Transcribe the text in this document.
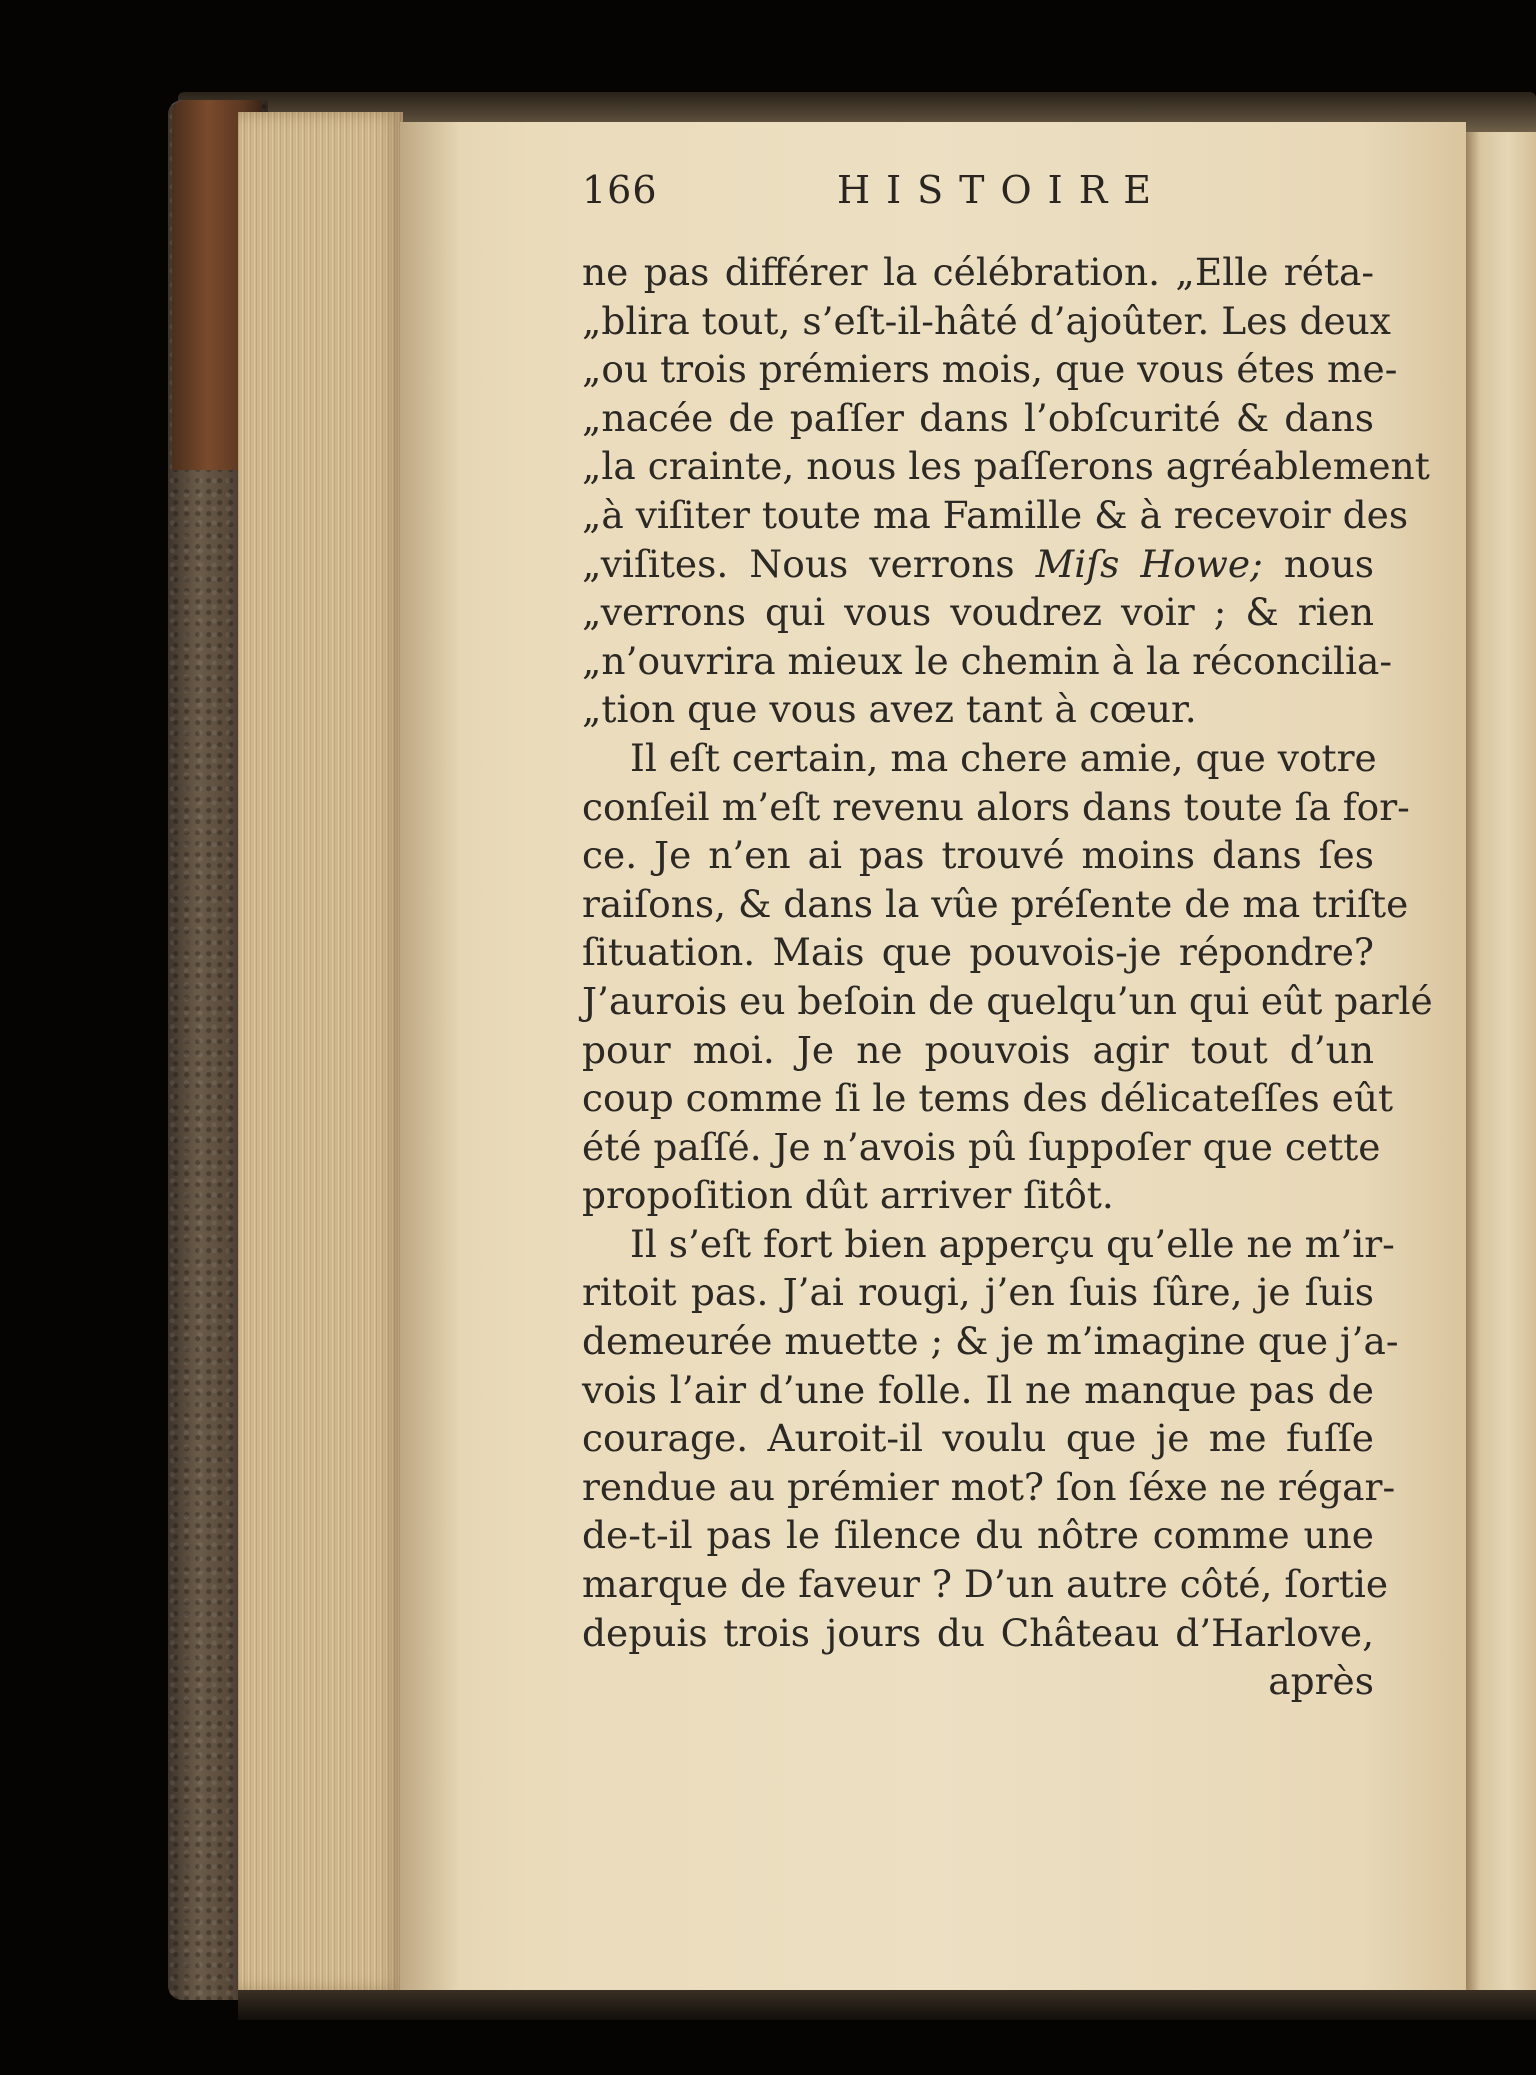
166	HISTOIRE
ne pas différer la célébration. „Elle réta-
„blira tout, s’eſt-il-hâté d’ajoûter. Les deux
„ou trois prémiers mois, que vous étes me-
„nacée de paſſer dans l’obſcurité & dans
„la crainte, nous les paſſerons agréablement
„à viſiter toute ma Famille & à recevoir des
„viſites. Nous verrons Miſs Howe; nous
„verrons qui vous voudrez voir ; & rien
„n’ouvrira mieux le chemin à la réconcilia-
„tion que vous avez tant à cœur.
Il eſt certain, ma chere amie, que votre
conſeil m’eſt revenu alors dans toute ſa for-
ce. Je n’en ai pas trouvé moins dans ſes
raiſons, & dans la vûe préſente de ma triſte
ſituation. Mais que pouvois-je répondre?
J’aurois eu beſoin de quelqu’un qui eût parlé
pour moi. Je ne pouvois agir tout d’un
coup comme ſi le tems des délicateſſes eût
été paſſé. Je n’avois pû ſuppoſer que cette
propoſition dût arriver ſitôt.
Il s’eſt fort bien apperçu qu’elle ne m’ir-
ritoit pas. J’ai rougi, j’en ſuis ſûre, je ſuis
demeurée muette ; & je m’imagine que j’a-
vois l’air d’une folle. Il ne manque pas de
courage. Auroit-il voulu que je me fuſſe
rendue au prémier mot? ſon ſéxe ne régar-
de-t-il pas le ſilence du nôtre comme une
marque de faveur ? D’un autre côté, ſortie
depuis trois jours du Château d’Harlove,
après
